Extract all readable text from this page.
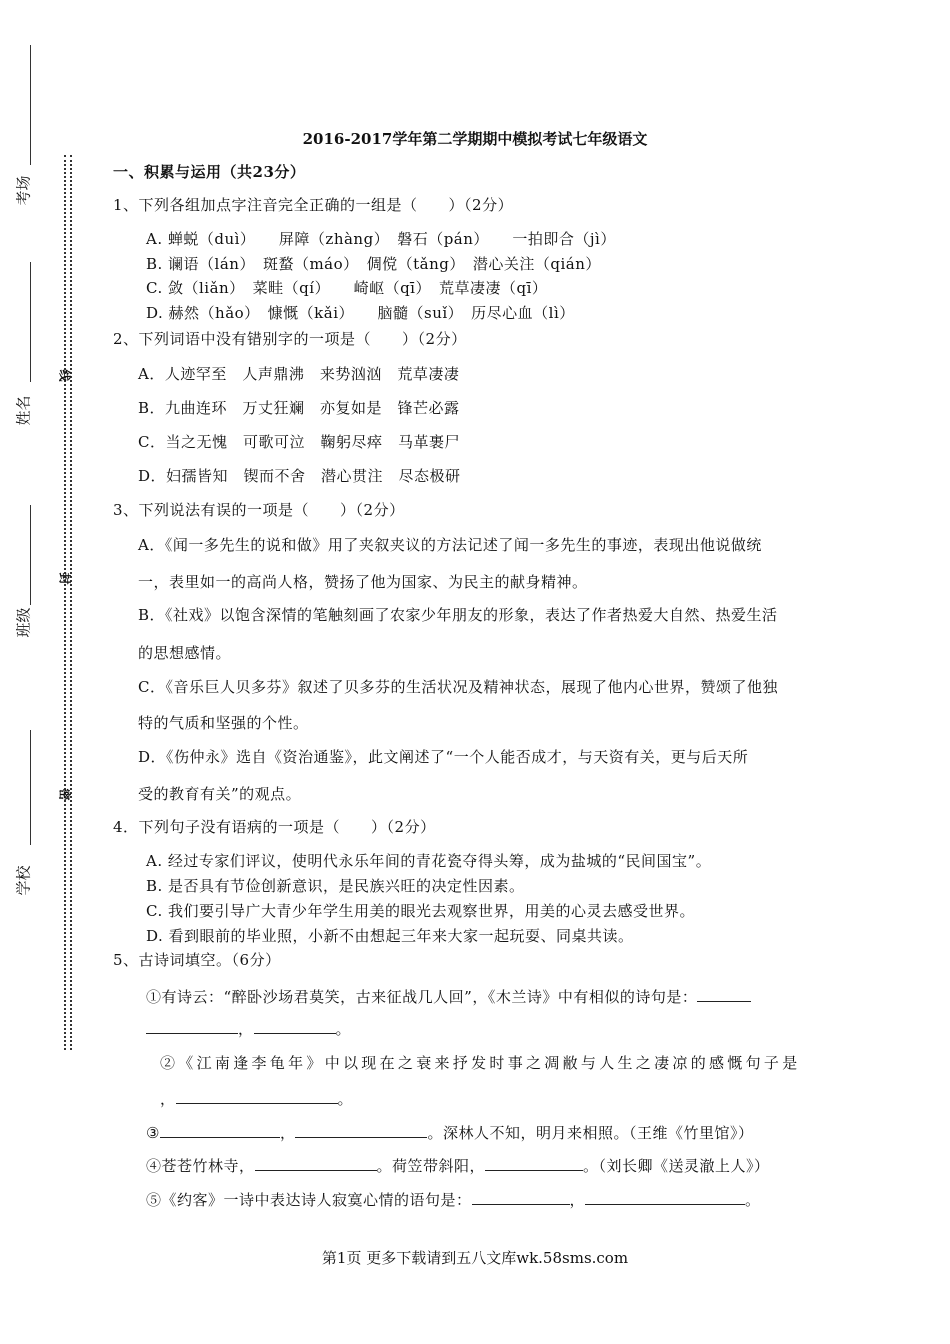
考场
姓名
班级
学校
线
封
密
2016-2017学年第二学期期中模拟考试七年级语文
一、积累与运用（共23分）
1、下列各组加点字注音完全正确的一组是（　　）（2分）
A. 蝉蜕（duì）　　屏障（zhàng）　磐石（pán）　　一拍即合（jì）
B. 谰语（lán）　斑蝥（máo）　倜傥（tǎng）　潜心关注（qián）
C. 敛（liǎn）　菜畦（qí）　　崎岖（qī）　荒草凄凄（qī）
D. 赫然（hǎo）　慷慨（kǎi）　　脑髓（suǐ）　历尽心血（lì）
2、下列词语中没有错别字的一项是（　　）（2分）
A．人迹罕至　人声鼎沸　来势汹汹　荒草凄凄
B．九曲连环　万丈狂斓　亦复如是　锋芒必露
C．当之无愧　可歌可泣　鞠躬尽瘁　马革裹尸
D．妇孺皆知　锲而不舍　潜心贯注　尽态极研
3、下列说法有误的一项是（　　）（2分）
A．《闻一多先生的说和做》用了夹叙夹议的方法记述了闻一多先生的事迹，表现出他说做统
一，表里如一的高尚人格，赞扬了他为国家、为民主的献身精神。
B．《社戏》以饱含深情的笔触刻画了农家少年朋友的形象，表达了作者热爱大自然、热爱生活
的思想感情。
C．《音乐巨人贝多芬》叙述了贝多芬的生活状况及精神状态，展现了他内心世界，赞颂了他独
特的气质和坚强的个性。
D．《伤仲永》选自《资治通鉴》，此文阐述了“一个人能否成才，与天资有关，更与后天所
受的教育有关”的观点。
4．下列句子没有语病的一项是（　　）（2分）
A. 经过专家们评议，使明代永乐年间的青花瓷夺得头筹，成为盐城的“民间国宝”。
B. 是否具有节俭创新意识，是民族兴旺的决定性因素。
C. 我们要引导广大青少年学生用美的眼光去观察世界，用美的心灵去感受世界。
D. 看到眼前的毕业照，小新不由想起三年来大家一起玩耍、同桌共读。
5、古诗词填空。（6分）
①有诗云：“醉卧沙场君莫笑，古来征战几人回”，《木兰诗》中有相似的诗句是：
，	。
②《江南逢李龟年》中以现在之衰来抒发时事之凋敝与人生之凄凉的感慨句子是
，	。
③	，	。深林人不知，明月来相照。（王维《竹里馆》）
④苍苍竹林寺，	。荷笠带斜阳，	。（刘长卿《送灵澈上人》）
⑤《约客》一诗中表达诗人寂寞心情的语句是：	，	。
第1页 更多下载请到五八文库wk.58sms.com
